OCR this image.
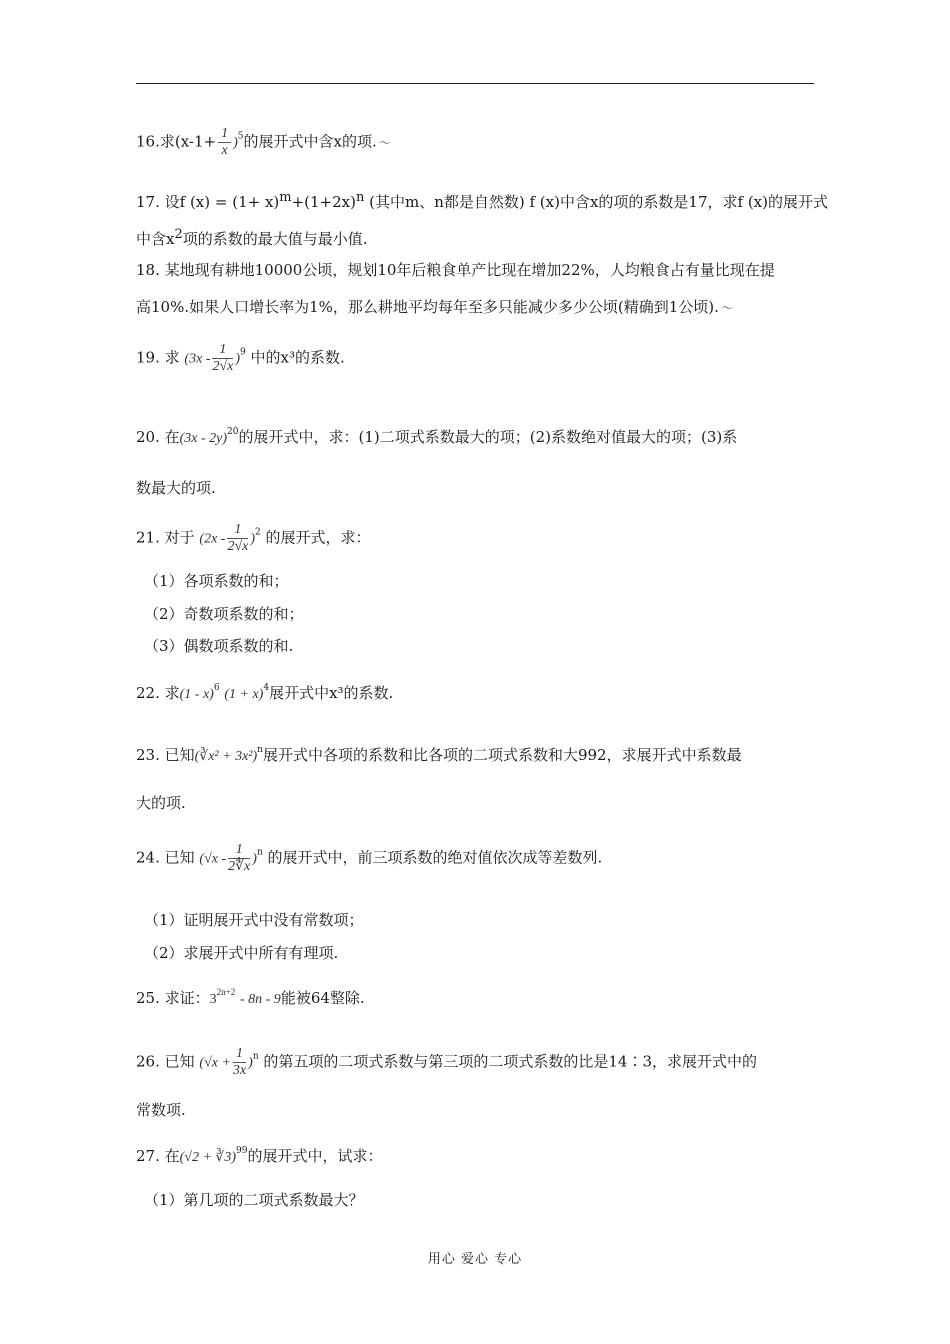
16.求$(x-1+ \frac{1}{x} )^5$的展开式中含x的项. 〜
17. 设f (x) = (1+ x)m+(1+2x)n (其中m、n都是自然数) f (x)中含x的项的系数是17，求f (x)的展开式
中含x2项的系数的最大值与最小值.
18. 某地现有耕地10000公顷，规划10年后粮食单产比现在增加22%，人均粮食占有量比现在提
高10%.如果人口增长率为1%，那么耕地平均每年至多只能减少多少公顷(精确到1公顷). 〜
19. 求 $(3x - \frac{1}{2√x} )^9$ 中的x³的系数.
20. 在(3x - 2y)$^{20}$的展开式中，求：(1)二项式系数最大的项；(2)系数绝对值最大的项；(3)系
数最大的项.
21. 对于 $(2x - \frac{1}{2√x} )^2$ 的展开式，求：
（1）各项系数的和；
（2）奇数项系数的和；
（3）偶数项系数的和.
22. 求(1 - x)$^6$ $(1 + x)^4$展开式中x³的系数.
23. 已知(∛x² + 3x²)$^n$展开式中各项的系数和比各项的二项式系数和大992，求展开式中系数最
大的项.
24. 已知 $(√x - \frac{1}{2∜x} )^n$ 的展开式中，前三项系数的绝对值依次成等差数列.
（1）证明展开式中没有常数项；
（2）求展开式中所有有理项.
25. 求证：$3^{2n+2} - 8n - 9$能被64整除.
26. 已知 $(√x + \frac{1}{3x} )^n$ 的第五项的二项式系数与第三项的二项式系数的比是14∶3，求展开式中的
常数项.
27. 在(√2 + ∛3)$^{99}$的展开式中，试求：
（1）第几项的二项式系数最大？
用心 爱心 专心
